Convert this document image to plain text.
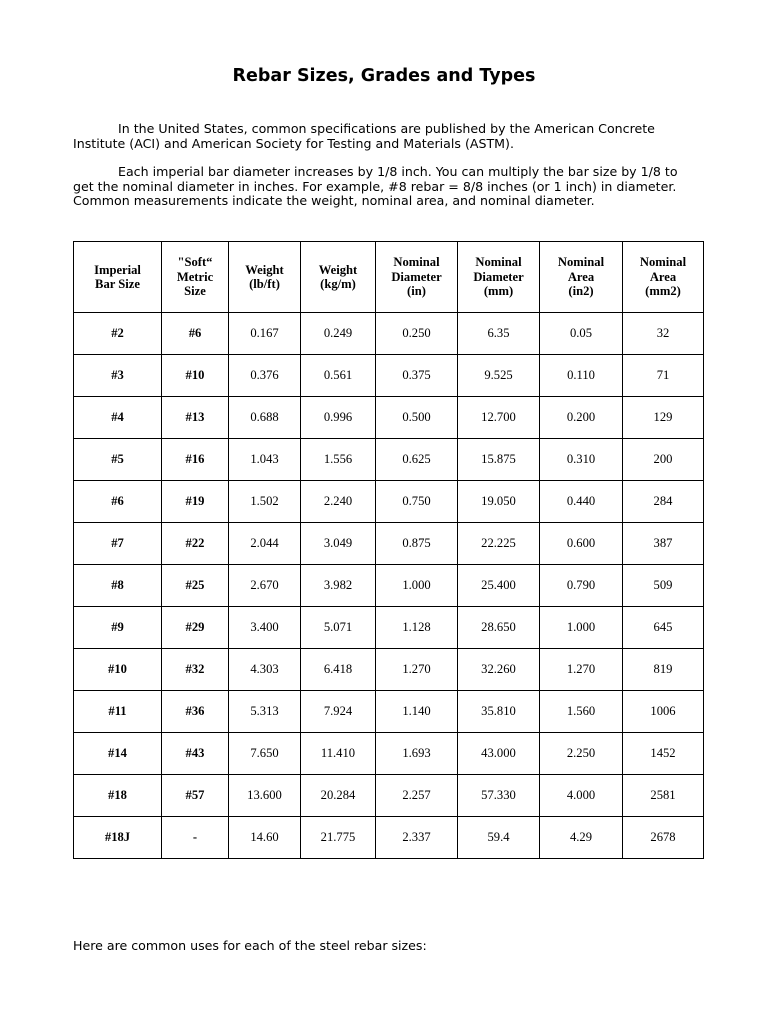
Rebar Sizes, Grades and Types

In the United States, common specifications are published by the American Concrete Institute (ACI) and American Society for Testing and Materials (ASTM).

Each imperial bar diameter increases by 1/8 inch. You can multiply the bar size by 1/8 to get the nominal diameter in inches. For example, #8 rebar = 8/8 inches (or 1 inch) in diameter. Common measurements indicate the weight, nominal area, and nominal diameter.

Imperial
Bar Size	"Soft“
Metric
Size	Weight
(lb/ft)	Weight
(kg/m)	Nominal
Diameter
(in)	Nominal
Diameter
(mm)	Nominal
Area
(in2)	Nominal
Area
(mm2)
#2	#6	0.167	0.249	0.250	6.35	0.05	32
#3	#10	0.376	0.561	0.375	9.525	0.110	71
#4	#13	0.688	0.996	0.500	12.700	0.200	129
#5	#16	1.043	1.556	0.625	15.875	0.310	200
#6	#19	1.502	2.240	0.750	19.050	0.440	284
#7	#22	2.044	3.049	0.875	22.225	0.600	387
#8	#25	2.670	3.982	1.000	25.400	0.790	509
#9	#29	3.400	5.071	1.128	28.650	1.000	645
#10	#32	4.303	6.418	1.270	32.260	1.270	819
#11	#36	5.313	7.924	1.140	35.810	1.560	1006
#14	#43	7.650	11.410	1.693	43.000	2.250	1452
#18	#57	13.600	20.284	2.257	57.330	4.000	2581
#18J	-	14.60	21.775	2.337	59.4	4.29	2678

Here are common uses for each of the steel rebar sizes:
